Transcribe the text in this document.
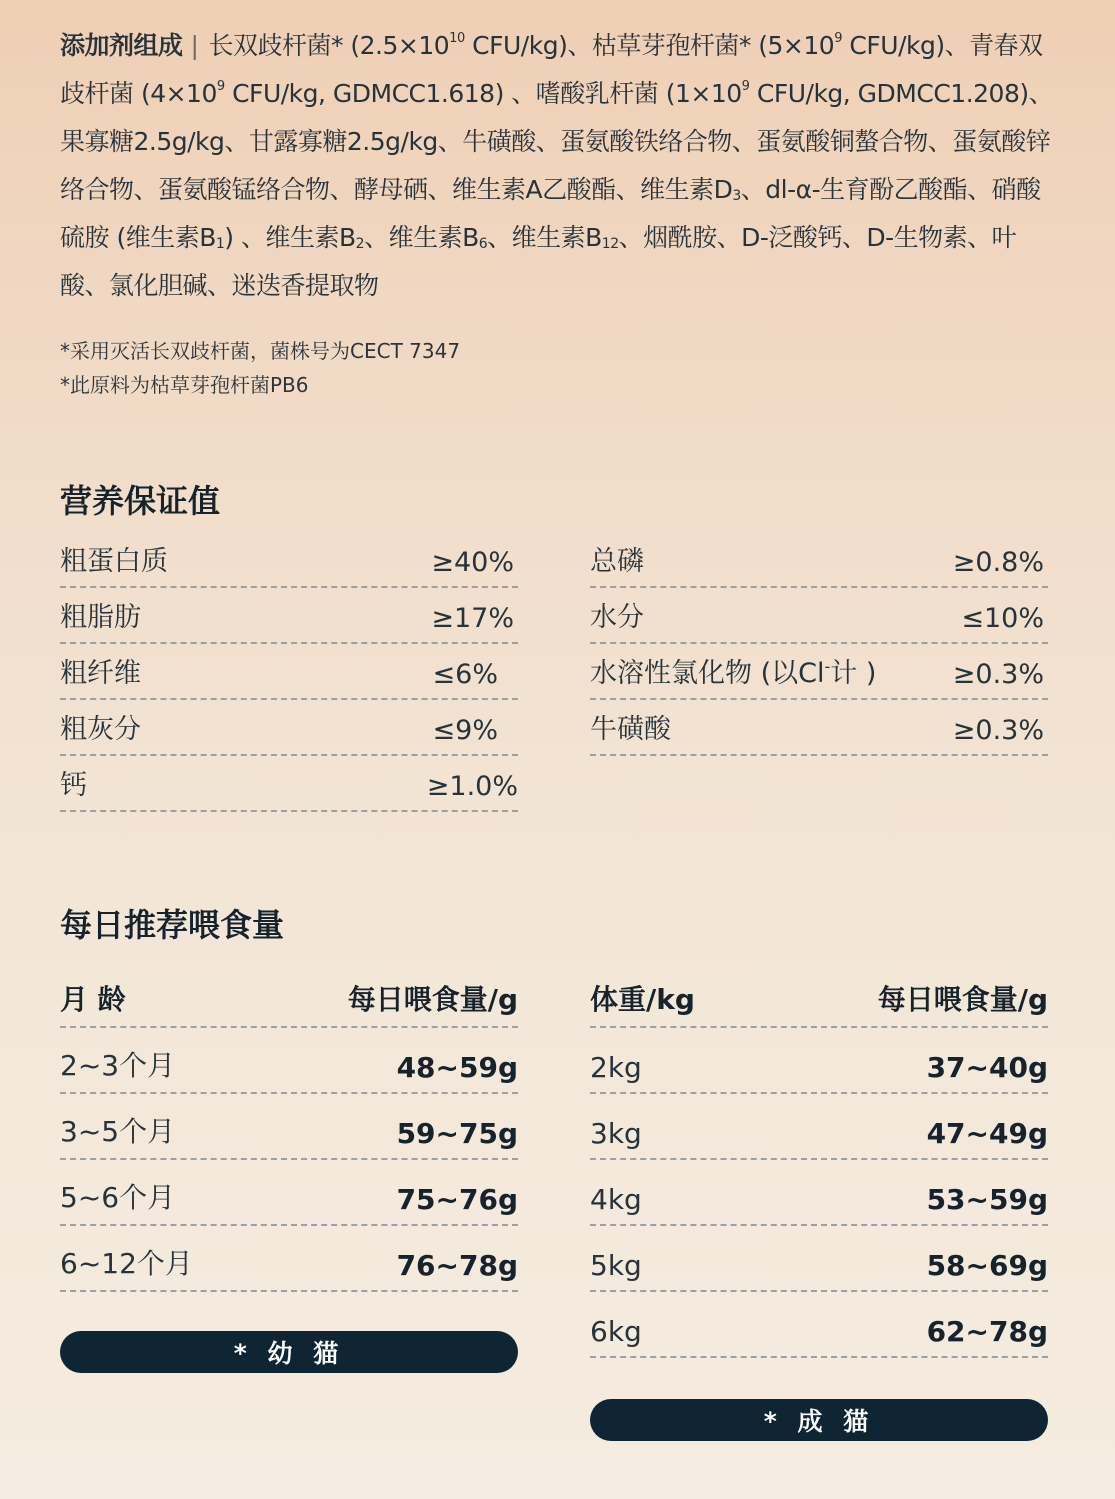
添加剂组成 | 长双歧杆菌* ($2.5\times 10^{10}$ CFU/kg)、枯草芽孢杆菌* ($5\times 10^9$ CFU/kg)、青春双歧杆菌 ($4\times 10^9$ CFU/kg, GDMCC1.618) 、嗜酸乳杆菌 ($1\times 10^9$ CFU/kg, GDMCC1.208)、果寡糖2.5g/kg、甘露寡糖2.5g/kg、牛磺酸、蛋氨酸铁络合物、蛋氨酸铜螯合物、蛋氨酸锌络合物、蛋氨酸锰络合物、酵母硒、维生素A乙酸酯、维生素$D_3$、dl-α-生育酚乙酸酯、硝酸硫胺 (维生素$B_1$) 、维生素$B_2$、维生素$B_6$、维生素$B_{12}$、烟酰胺、D-泛酸钙、D-生物素、叶酸、氯化胆碱、迷迭香提取物
*采用灭活长双歧杆菌，菌株号为CECT 7347
*此原料为枯草芽孢杆菌PB6
营养保证值
粗蛋白质	≥40%
粗脂肪	≥17%
粗纤维	≤6%
粗灰分	≤9%
钙	≥1.0%
总磷	≥0.8%
水分	≤10%
水溶性氯化物 (以Cl-计 )	≥0.3%
牛磺酸	≥0.3%
每日推荐喂食量
月 龄	每日喂食量/g
2~3个月	48~59g
3~5个月	59~75g
5~6个月	75~76g
6~12个月	76~78g
* 幼 猫
体重/kg	每日喂食量/g
2kg	37~40g
3kg	47~49g
4kg	53~59g
5kg	58~69g
6kg	62~78g
* 成 猫
